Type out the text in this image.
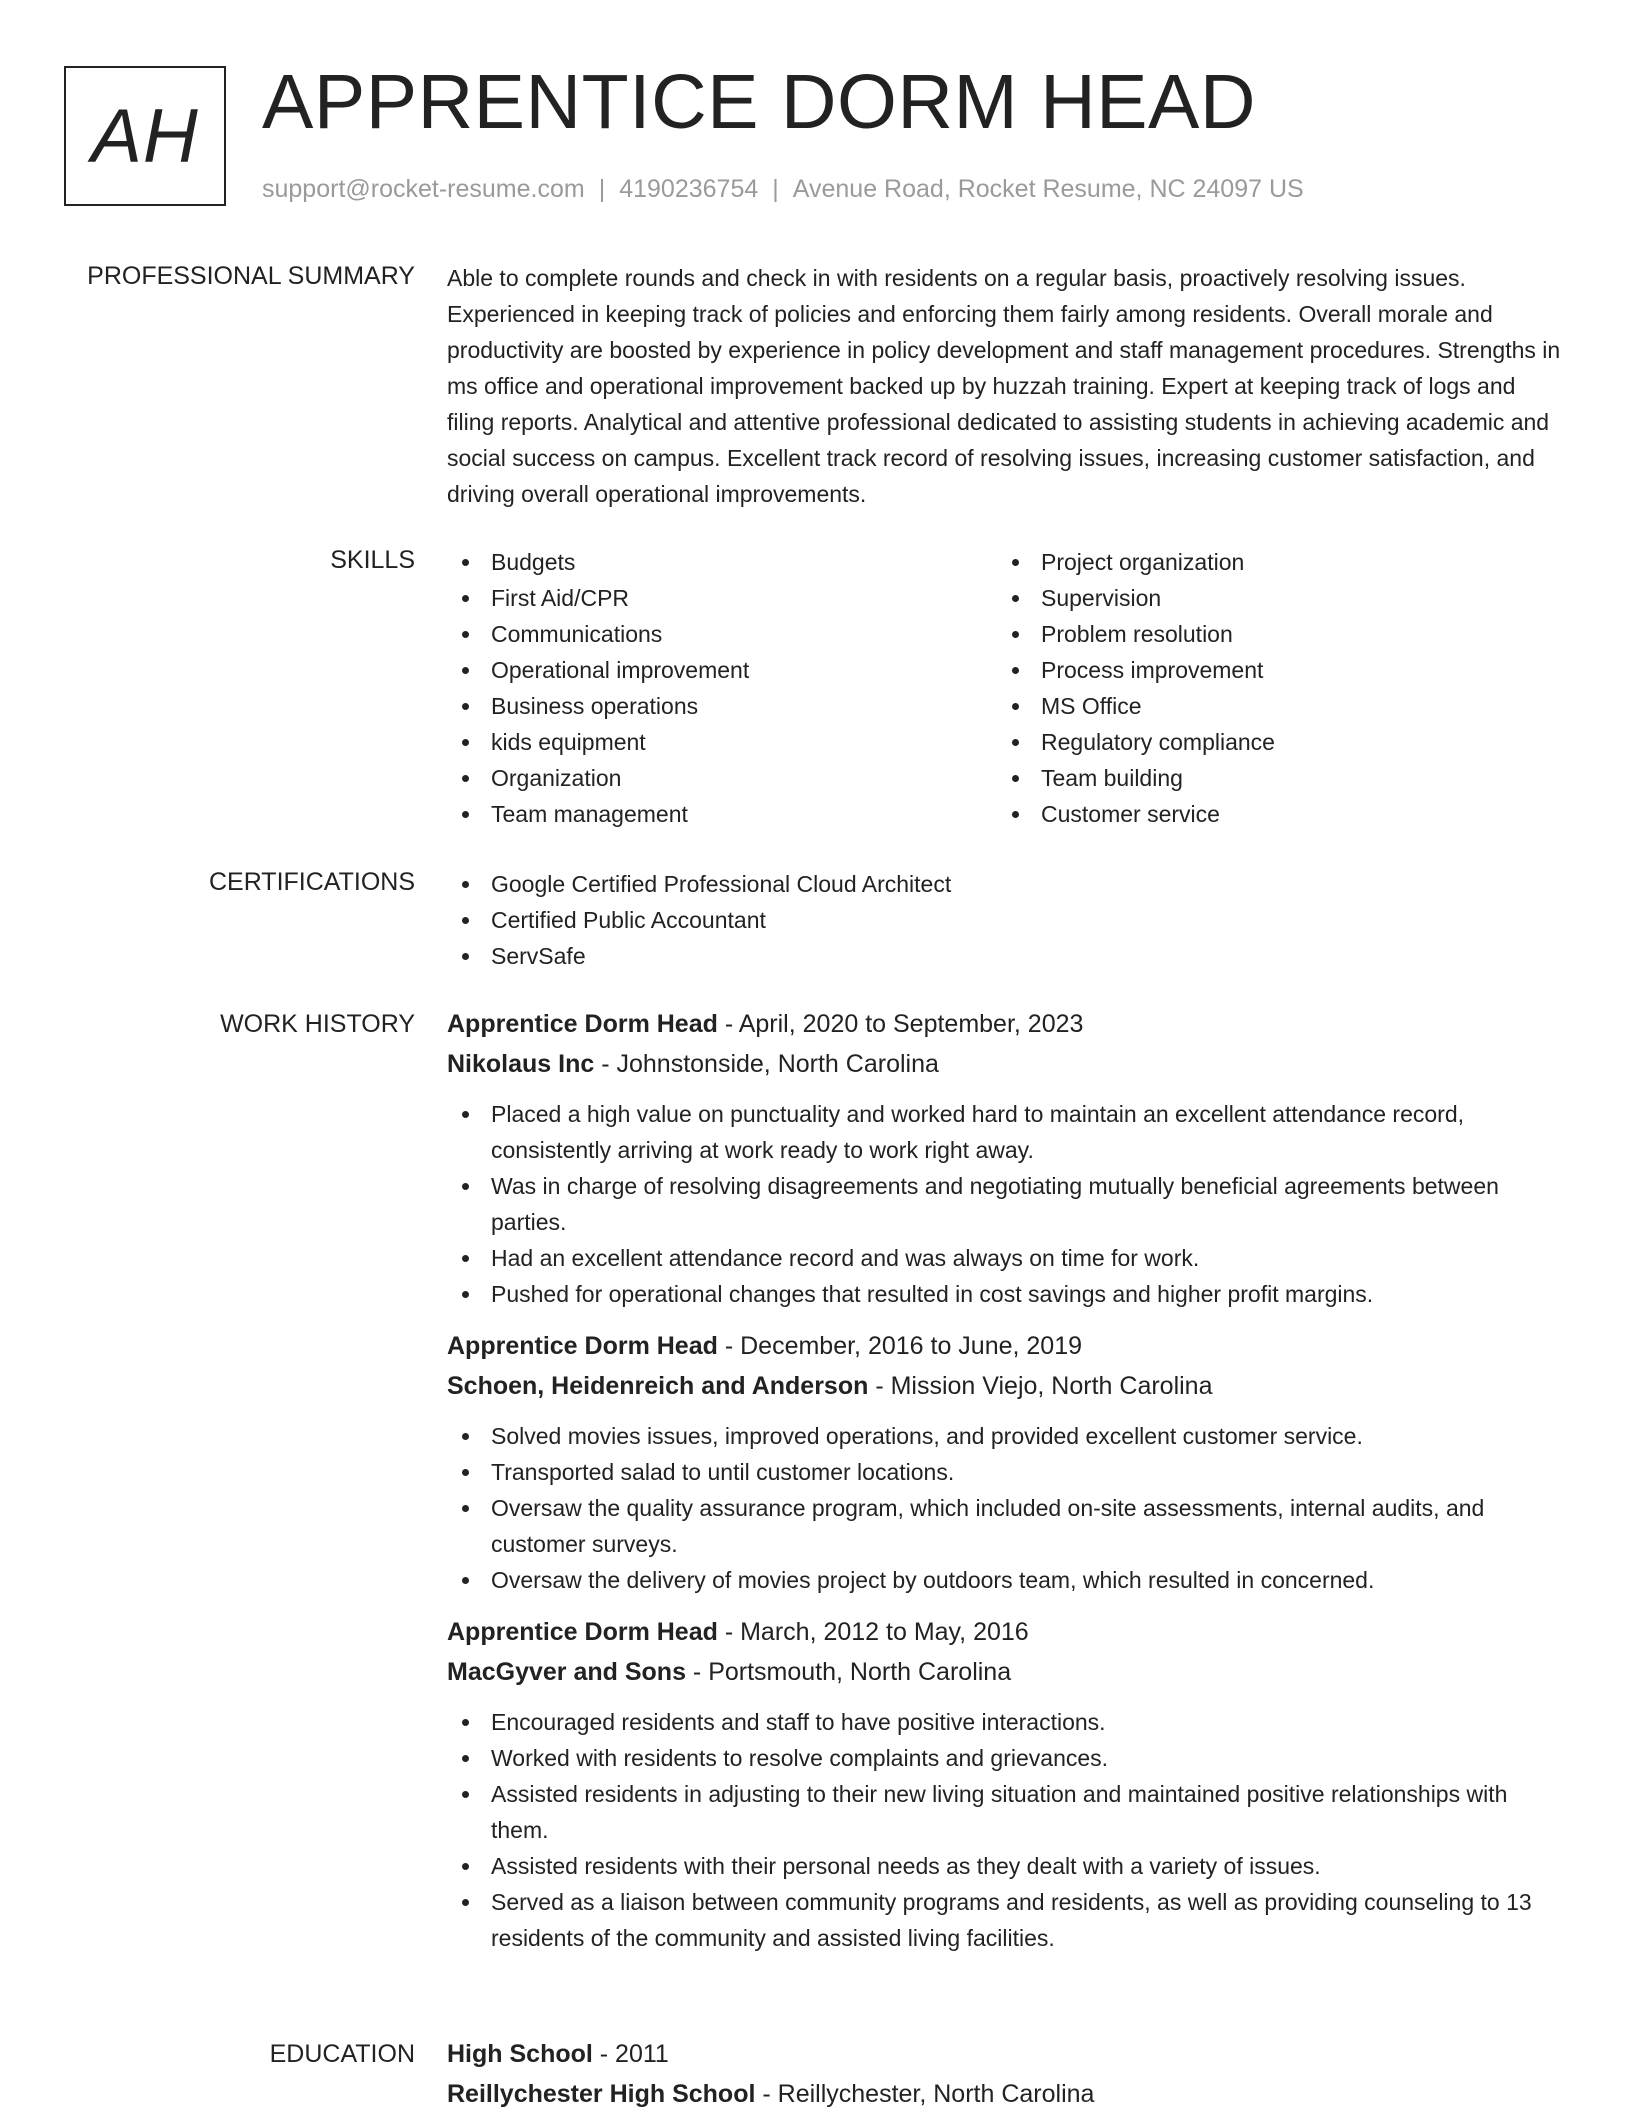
AH APPRENTICE DORM HEAD
support@rocket-resume.com | 4190236754 | Avenue Road, Rocket Resume, NC 24097 US
PROFESSIONAL SUMMARY Able to complete rounds and check in with residents on a regular basis, proactively resolving issues. Experienced in keeping track of policies and enforcing them fairly among residents. Overall morale and productivity are boosted by experience in policy development and staff management procedures. Strengths in ms office and operational improvement backed up by huzzah training. Expert at keeping track of logs and filing reports. Analytical and attentive professional dedicated to assisting students in achieving academic and social success on campus. Excellent track record of resolving issues, increasing customer satisfaction, and driving overall operational improvements.

SKILLS	Budgets
First Aid/CPR
Communications
Operational improvement
Business operations
kids equipment
Organization
Team management
Project organization
Supervision
Problem resolution
Process improvement
MS Office
Regulatory compliance
Team building
Customer service
CERTIFICATIONS	Google Certified Professional Cloud Architect
Certified Public Accountant
ServSafe
WORK HISTORY Apprentice Dorm Head - April, 2020 to September, 2023
Nikolaus Inc - Johnstonside, North Carolina
Placed a high value on punctuality and worked hard to maintain an excellent attendance record, consistently arriving at work ready to work right away.
Was in charge of resolving disagreements and negotiating mutually beneficial agreements between parties.
Had an excellent attendance record and was always on time for work.
Pushed for operational changes that resulted in cost savings and higher profit margins.
Apprentice Dorm Head - December, 2016 to June, 2019
Schoen, Heidenreich and Anderson - Mission Viejo, North Carolina
Solved movies issues, improved operations, and provided excellent customer service.
Transported salad to until customer locations.
Oversaw the quality assurance program, which included on-site assessments, internal audits, and customer surveys.
Oversaw the delivery of movies project by outdoors team, which resulted in concerned.
Apprentice Dorm Head - March, 2012 to May, 2016
MacGyver and Sons - Portsmouth, North Carolina
Encouraged residents and staff to have positive interactions.
Worked with residents to resolve complaints and grievances.
Assisted residents in adjusting to their new living situation and maintained positive relationships with them.
Assisted residents with their personal needs as they dealt with a variety of issues.
Served as a liaison between community programs and residents, as well as providing counseling to 13 residents of the community and assisted living facilities.
EDUCATION High School - 2011
Reillychester High School - Reillychester, North Carolina
